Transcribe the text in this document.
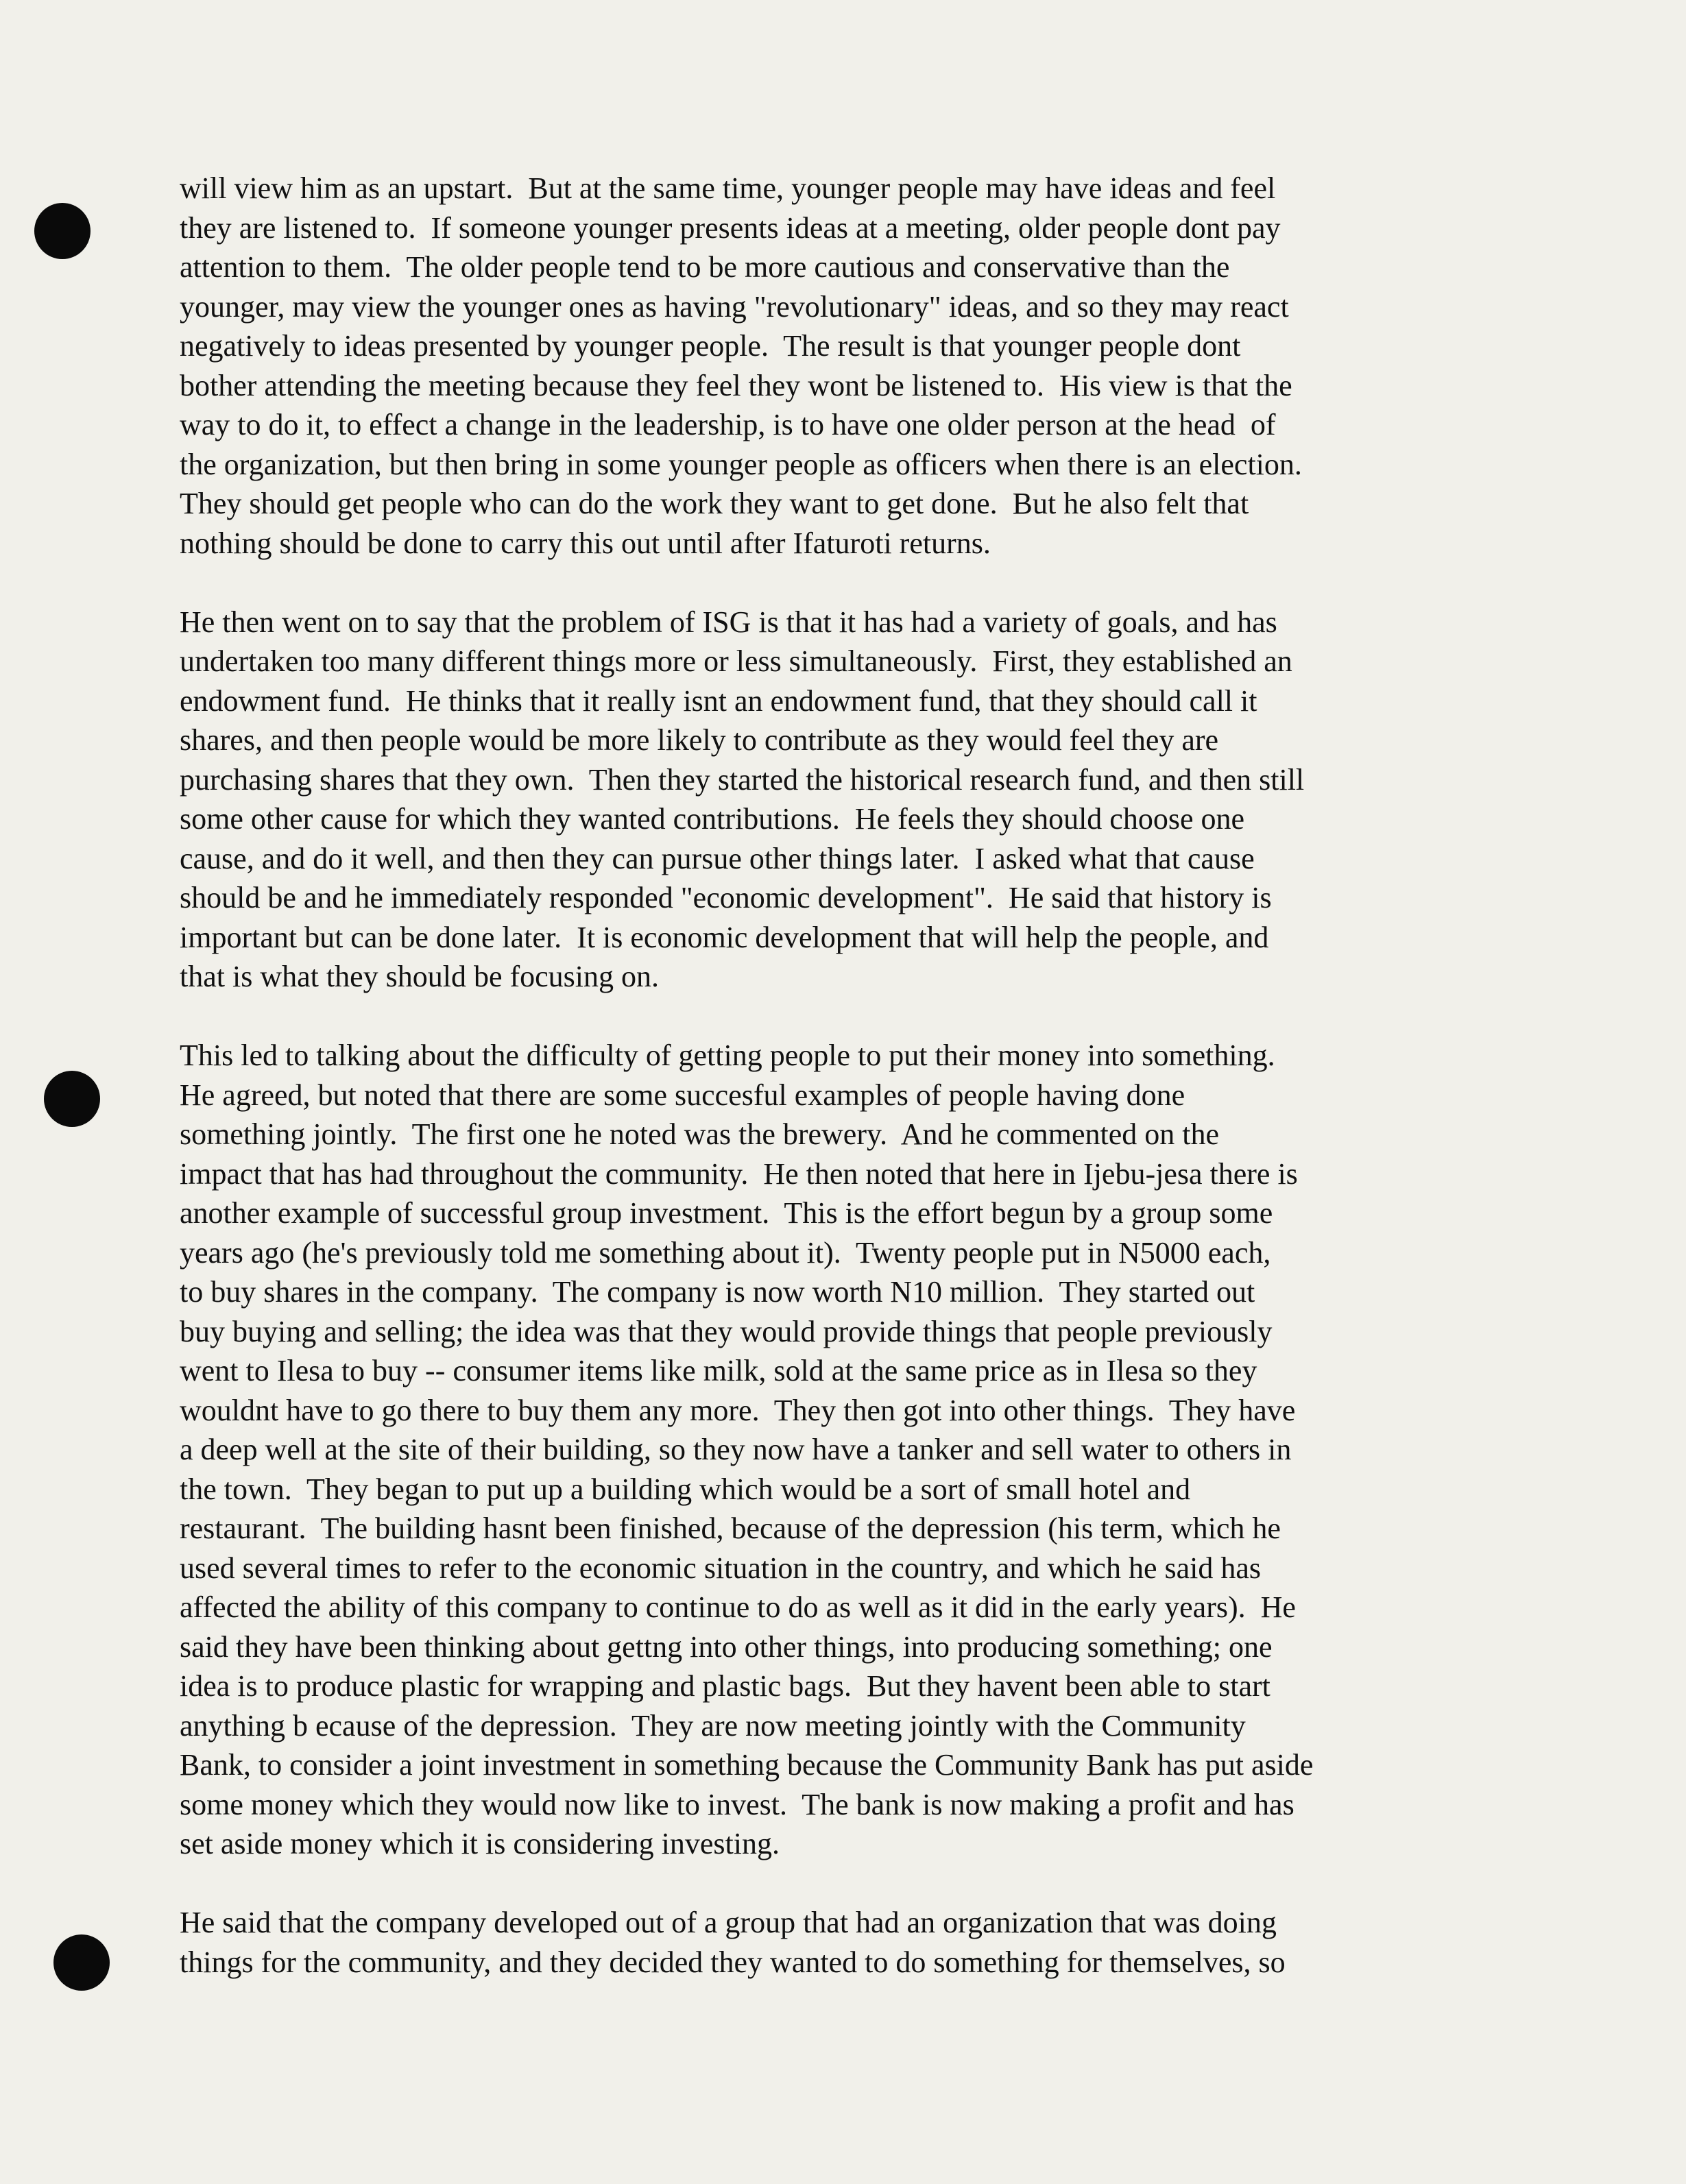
will view him as an upstart.  But at the same time, younger people may have ideas and feel
they are listened to.  If someone younger presents ideas at a meeting, older people dont pay
attention to them.  The older people tend to be more cautious and conservative than the
younger, may view the younger ones as having "revolutionary" ideas, and so they may react
negatively to ideas presented by younger people.  The result is that younger people dont
bother attending the meeting because they feel they wont be listened to.  His view is that the
way to do it, to effect a change in the leadership, is to have one older person at the head  of
the organization, but then bring in some younger people as officers when there is an election.
They should get people who can do the work they want to get done.  But he also felt that
nothing should be done to carry this out until after Ifaturoti returns.
He then went on to say that the problem of ISG is that it has had a variety of goals, and has
undertaken too many different things more or less simultaneously.  First, they established an
endowment fund.  He thinks that it really isnt an endowment fund, that they should call it
shares, and then people would be more likely to contribute as they would feel they are
purchasing shares that they own.  Then they started the historical research fund, and then still
some other cause for which they wanted contributions.  He feels they should choose one
cause, and do it well, and then they can pursue other things later.  I asked what that cause
should be and he immediately responded "economic development".  He said that history is
important but can be done later.  It is economic development that will help the people, and
that is what they should be focusing on.
This led to talking about the difficulty of getting people to put their money into something.
He agreed, but noted that there are some succesful examples of people having done
something jointly.  The first one he noted was the brewery.  And he commented on the
impact that has had throughout the community.  He then noted that here in Ijebu-jesa there is
another example of successful group investment.  This is the effort begun by a group some
years ago (he's previously told me something about it).  Twenty people put in N5000 each,
to buy shares in the company.  The company is now worth N10 million.  They started out
buy buying and selling; the idea was that they would provide things that people previously
went to Ilesa to buy -- consumer items like milk, sold at the same price as in Ilesa so they
wouldnt have to go there to buy them any more.  They then got into other things.  They have
a deep well at the site of their building, so they now have a tanker and sell water to others in
the town.  They began to put up a building which would be a sort of small hotel and
restaurant.  The building hasnt been finished, because of the depression (his term, which he
used several times to refer to the economic situation in the country, and which he said has
affected the ability of this company to continue to do as well as it did in the early years).  He
said they have been thinking about gettng into other things, into producing something; one
idea is to produce plastic for wrapping and plastic bags.  But they havent been able to start
anything b ecause of the depression.  They are now meeting jointly with the Community
Bank, to consider a joint investment in something because the Community Bank has put aside
some money which they would now like to invest.  The bank is now making a profit and has
set aside money which it is considering investing.
He said that the company developed out of a group that had an organization that was doing
things for the community, and they decided they wanted to do something for themselves, so
